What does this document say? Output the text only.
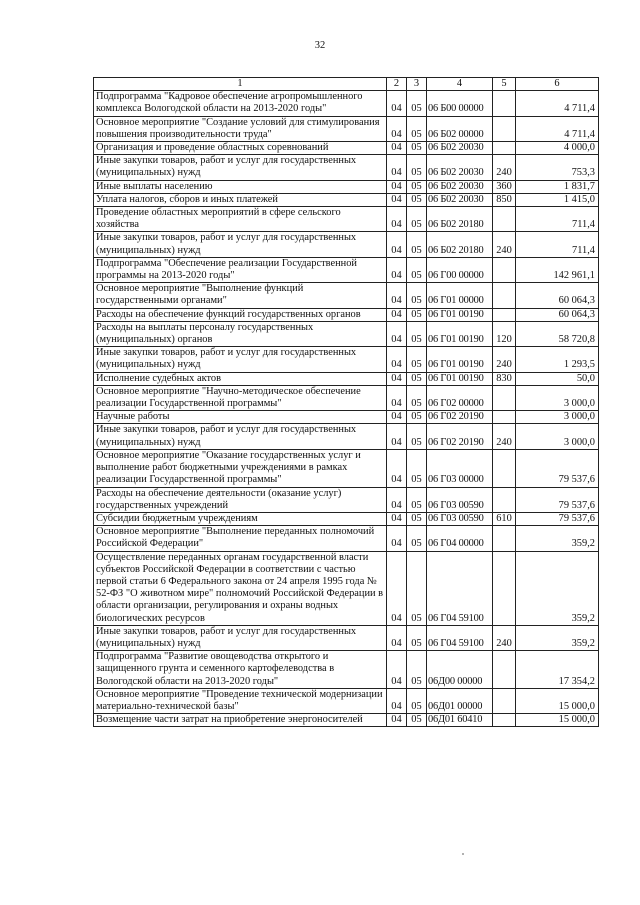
32
1	2	3	4	5	6
Подпрограмма "Кадровое обеспечение агропромышленного комплекса Вологодской области на 2013-2020 годы"	04	05	06 Б00 00000		4 711,4
Основное мероприятие "Создание условий для стимулирования повышения производительности труда"	04	05	06 Б02 00000		4 711,4
Организация и проведение областных соревнований	04	05	06 Б02 20030		4 000,0
Иные закупки товаров, работ и услуг для государственных (муниципальных) нужд	04	05	06 Б02 20030	240	753,3
Иные выплаты населению	04	05	06 Б02 20030	360	1 831,7
Уплата налогов, сборов и иных платежей	04	05	06 Б02 20030	850	1 415,0
Проведение областных мероприятий в сфере сельского хозяйства	04	05	06 Б02 20180		711,4
Иные закупки товаров, работ и услуг для государственных (муниципальных) нужд	04	05	06 Б02 20180	240	711,4
Подпрограмма "Обеспечение реализации Государственной программы на 2013-2020 годы"	04	05	06 Г00 00000		142 961,1
Основное мероприятие "Выполнение функций государственными органами"	04	05	06 Г01 00000		60 064,3
Расходы на обеспечение функций государственных органов	04	05	06 Г01 00190		60 064,3
Расходы на выплаты персоналу государственных (муниципальных) органов	04	05	06 Г01 00190	120	58 720,8
Иные закупки товаров, работ и услуг для государственных (муниципальных) нужд	04	05	06 Г01 00190	240	1 293,5
Исполнение судебных актов	04	05	06 Г01 00190	830	50,0
Основное мероприятие "Научно-методическое обеспечение реализации Государственной программы"	04	05	06 Г02 00000		3 000,0
Научные работы	04	05	06 Г02 20190		3 000,0
Иные закупки товаров, работ и услуг для государственных (муниципальных) нужд	04	05	06 Г02 20190	240	3 000,0
Основное мероприятие "Оказание государственных услуг и выполнение работ бюджетными учреждениями в рамках реализации Государственной программы"	04	05	06 Г03 00000		79 537,6
Расходы на обеспечение деятельности (оказание услуг) государственных учреждений	04	05	06 Г03 00590		79 537,6
Субсидии бюджетным учреждениям	04	05	06 Г03 00590	610	79 537,6
Основное мероприятие "Выполнение переданных полномочий Российской Федерации"	04	05	06 Г04 00000		359,2
Осуществление переданных органам государственной власти субъектов Российской Федерации в соответствии с частью первой статьи 6 Федерального закона от 24 апреля 1995 года № 52-ФЗ "О животном мире" полномочий Российской Федерации в области организации, регулирования и охраны водных биологических ресурсов	04	05	06 Г04 59100		359,2
Иные закупки товаров, работ и услуг для государственных (муниципальных) нужд	04	05	06 Г04 59100	240	359,2
Подпрограмма "Развитие овощеводства открытого и защищенного грунта и семенного картофелеводства в Вологодской области на 2013-2020 годы"	04	05	06Д00 00000		17 354,2
Основное мероприятие "Проведение технической модернизации материально-технической базы"	04	05	06Д01 00000		15 000,0
Возмещение части затрат на приобретение энергоносителей	04	05	06Д01 60410		15 000,0
